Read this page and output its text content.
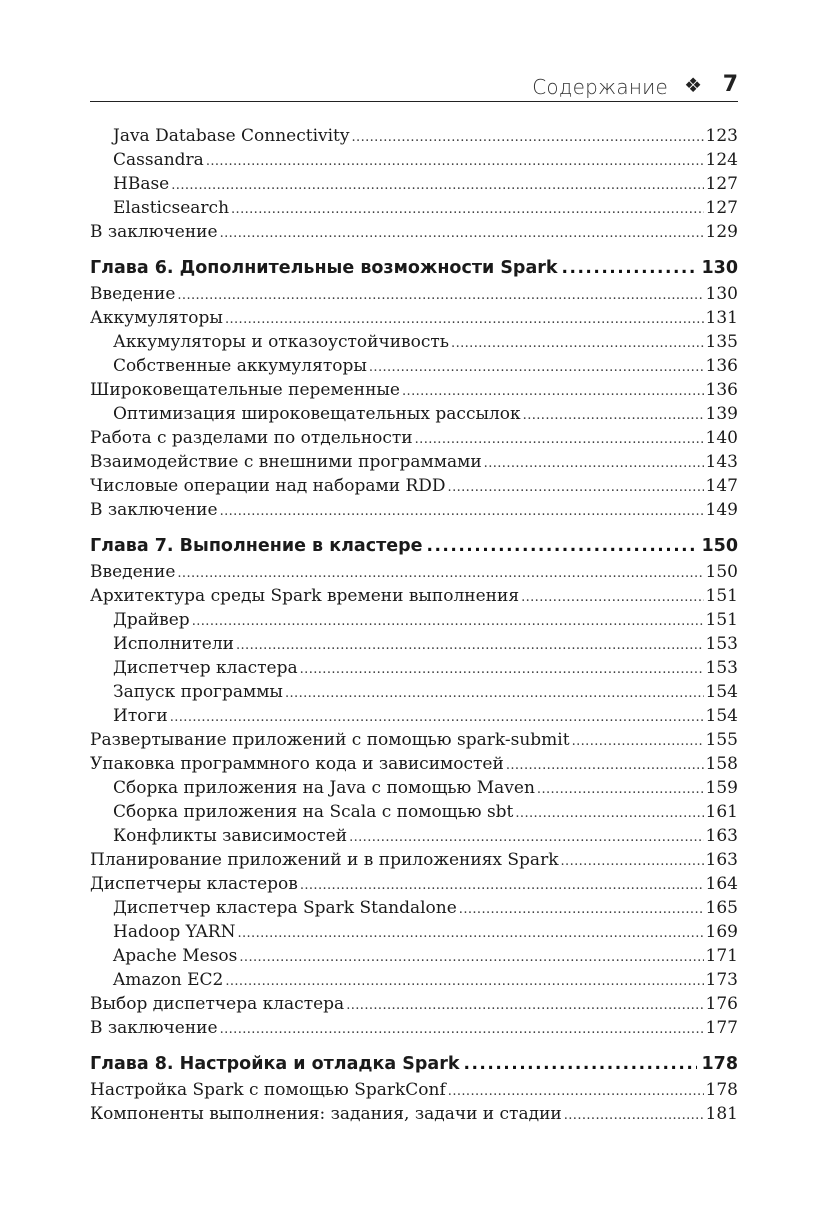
Содержание ❖ 7
Java Database Connectivity .....	123
Cassandra .....	124
HBase .....	127
Elasticsearch .....	127
В заключение .....	129
Глава 6. Дополнительные возможности Spark .....	130
Введение .....	130
Аккумуляторы .....	131
Аккумуляторы и отказоустойчивость .....	135
Собственные аккумуляторы .....	136
Широковещательные переменные .....	136
Оптимизация широковещательных рассылок .....	139
Работа с разделами по отдельности .....	140
Взаимодействие с внешними программами .....	143
Числовые операции над наборами RDD .....	147
В заключение .....	149
Глава 7. Выполнение в кластере .....	150
Введение .....	150
Архитектура среды Spark времени выполнения .....	151
Драйвер .....	151
Исполнители .....	153
Диспетчер кластера .....	153
Запуск программы .....	154
Итоги .....	154
Развертывание приложений с помощью spark-submit .....	155
Упаковка программного кода и зависимостей .....	158
Сборка приложения на Java с помощью Maven .....	159
Сборка приложения на Scala с помощью sbt .....	161
Конфликты зависимостей .....	163
Планирование приложений и в приложениях Spark .....	163
Диспетчеры кластеров .....	164
Диспетчер кластера Spark Standalone .....	165
Hadoop YARN .....	169
Apache Mesos .....	171
Amazon EC2 .....	173
Выбор диспетчера кластера .....	176
В заключение .....	177
Глава 8. Настройка и отладка Spark .....	178
Настройка Spark с помощью SparkConf .....	178
Компоненты выполнения: задания, задачи и стадии .....	181
